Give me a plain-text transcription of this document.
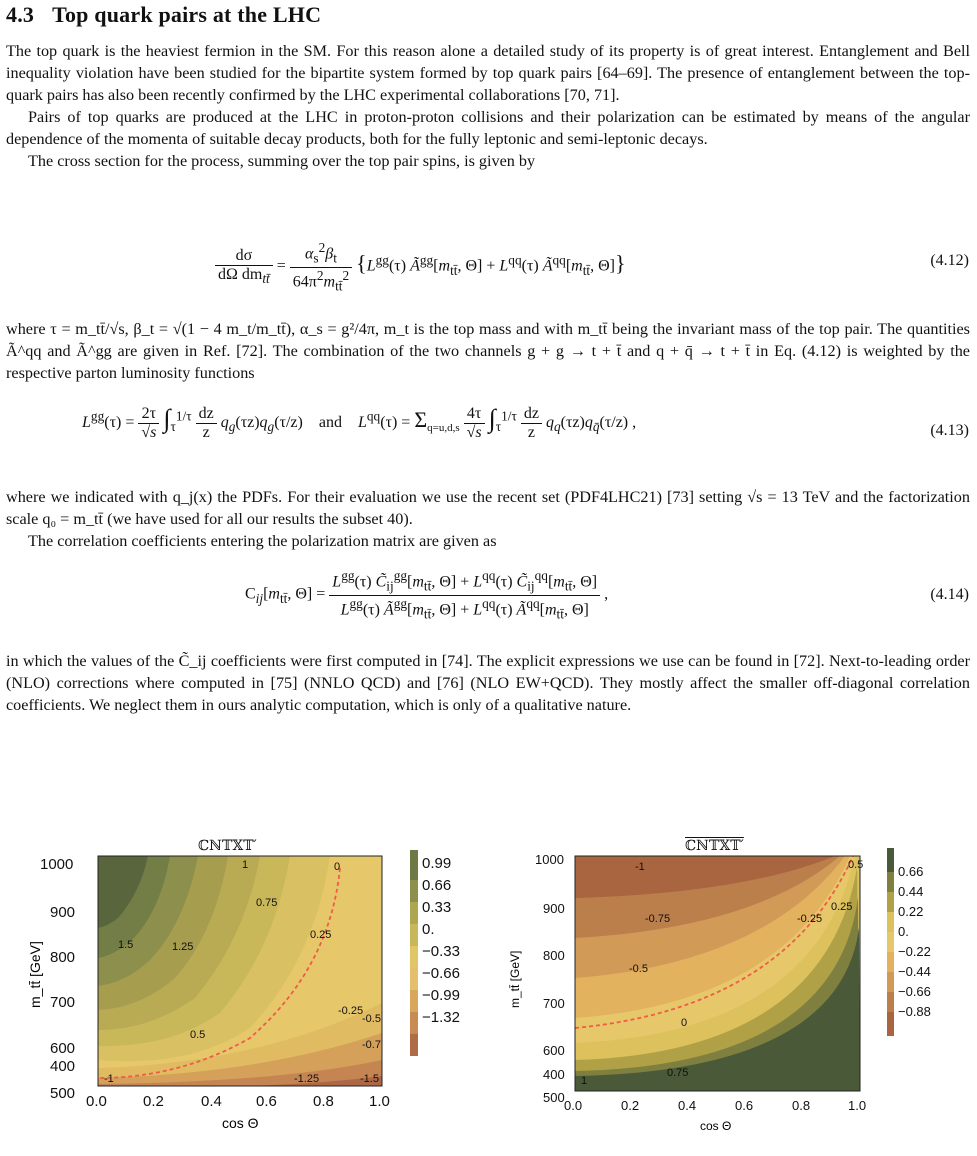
4.3 Top quark pairs at the LHC

The top quark is the heaviest fermion in the SM. For this reason alone a detailed study of its property is of great interest. Entanglement and Bell inequality violation have been studied for the bipartite system formed by top quark pairs [64–69]. The presence of entanglement between the top-quark pairs has also been recently confirmed by the LHC experimental collaborations [70, 71].

Pairs of top quarks are produced at the LHC in proton-proton collisions and their polarization can be estimated by means of the angular dependence of the momenta of suitable decay products, both for the fully leptonic and semi-leptonic decays.

The cross section for the process, summing over the top pair spins, is given by

$\frac{d\sigma}{d\Omega dm_{tt̄}} = \frac{\alpha_s^2\beta_t}{64\pi^2m_{tt̄}^2} \{L^{gg}(\tau)$ $Ã^{gg}[m_{tt̄}$, $\Theta] + L^{qq}(\tau)$ $Ã^{qq}[m_{tt̄}$, Θ]}	(4.12)

where τ = m_tt̄/√s, β_t = √(1 − 4 m_t/m_tt̄), α_s = g²/4π, m_t is the top mass and with m_tt̄ being the invariant mass of the top pair. The quantities Ã^qq and Ã^gg are given in Ref. [72]. The combination of the two channels g + g → t + t̄ and q + q̄ → t + t̄ in Eq. (4.12) is weighted by the respective parton luminosity functions

$L^{gg}(\tau) = \frac{2\tau}{√s} \int_\tau^{1/\tau} \frac{dz}{z} q_g(\tau z)q_g(\tau/z)$    and $L^{qq}(\tau) = \Sigma_{q=u,d,s} \frac{4\tau}{√s} \int_\tau^{1/\tau} \frac{dz}{z} q_q(\tau z)q_{q̄}(\tau/z)$ ,	(4.13)

where we indicated with q_j(x) the PDFs. For their evaluation we use the recent set (PDF4LHC21) [73] setting √s = 13 TeV and the factorization scale q₀ = m_tt̄ (we have used for all our results the subset 40).

The correlation coefficients entering the polarization matrix are given as

$C_{ij}[m_{tt̄}$, $\Theta] = \frac{L^{gg}(\tau) C̃_{ij}^{gg}[m_{tt̄}, \Theta] + L^{qq}(\tau) C̃_{ij}^{qq}[m_{tt̄}, \Theta]}{L^{gg}(\tau) Ã^{gg}[m_{tt̄}, \Theta] + L^{qq}(\tau) Ã^{qq}[m_{tt̄}, \Theta]}$ ,	(4.14)

in which the values of the C̃_ij coefficients were first computed in [74]. The explicit expressions we use can be found in [72]. Next-to-leading order (NLO) corrections where computed in [75] (NNLO QCD) and [76] (NLO EW+QCD). They mostly affect the smaller off-diagonal correlation coefficients. We neglect them in ours analytic computation, which is only of a qualitative nature.

ℂℕ𝕋𝕏𝕋′
1	0
0.75
0.25
1.5	1.25
-0.25
-0.5
0.5
-0.7
-1	-1.25	-1.5
1000
900
800
700
600
500
400
0.0 0.2 0.4 0.6 0.8 1.0
cos Θ
m_tt̄ [GeV]
0.99
0.66
0.33
0.
−0.33
−0.66
−0.99
−1.32
ℂℕ𝕋𝕏𝕋′
-1	0.5
-0.75	-0.25
0.25
-0.5
0
0.75
1
1000
900
800
700
600
500
400
0.0	0.2	0.4	0.6	0.8	1.0
cos Θ
m_tt̄ [GeV]
0.66
0.44
0.22
0.
−0.22
−0.44
−0.66
−0.88
